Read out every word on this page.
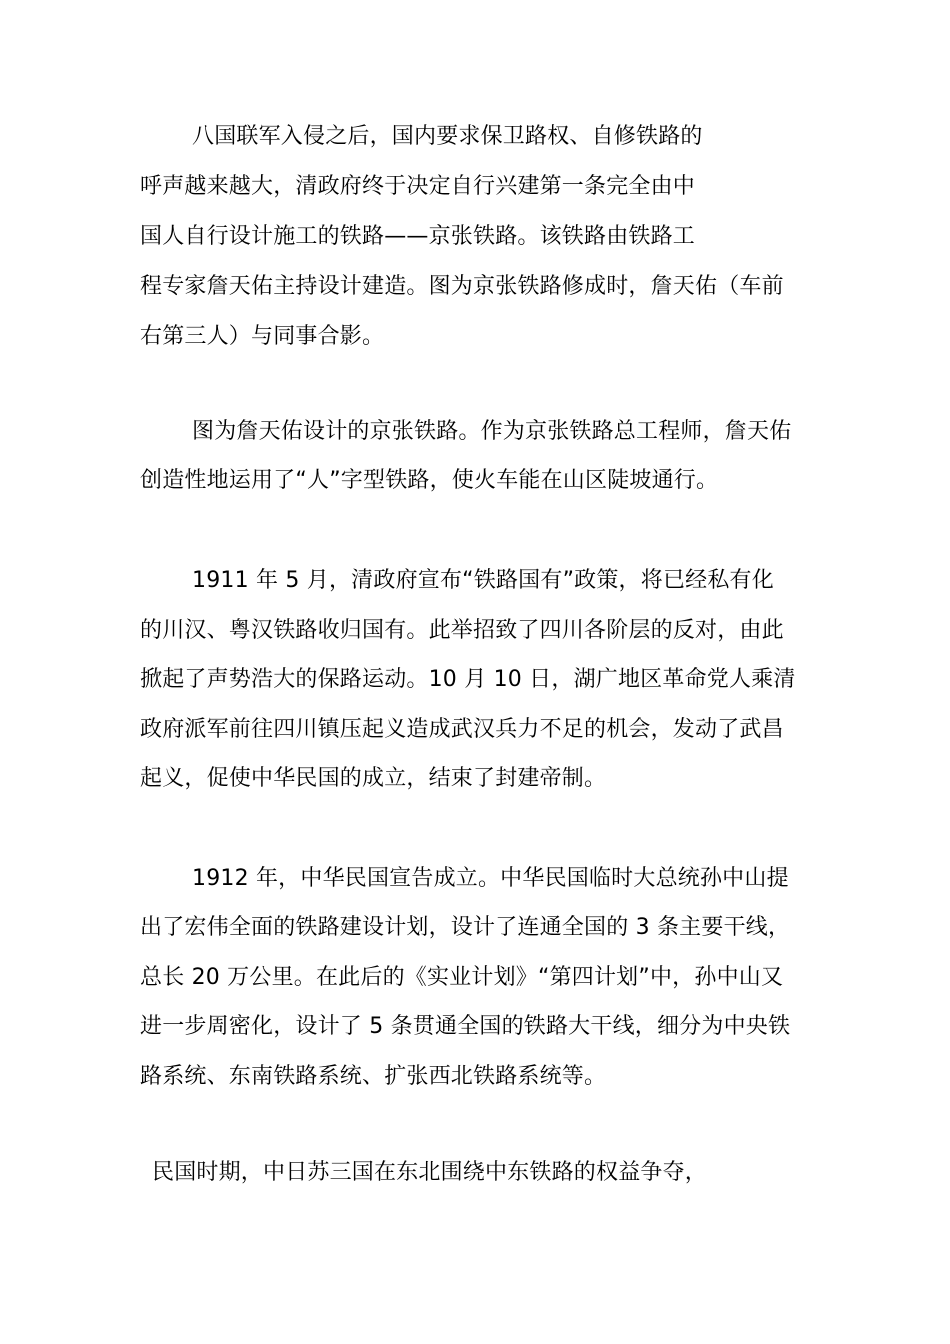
八国联军入侵之后，国内要求保卫路权、自修铁路的
呼声越来越大，清政府终于决定自行兴建第一条完全由中
国人自行设计施工的铁路——京张铁路。该铁路由铁路工
程专家詹天佑主持设计建造。图为京张铁路修成时，詹天佑（车前
右第三人）与同事合影。
图为詹天佑设计的京张铁路。作为京张铁路总工程师，詹天佑
创造性地运用了“人”字型铁路，使火车能在山区陡坡通行。
1911 年 5 月，清政府宣布“铁路国有”政策，将已经私有化
的川汉、粤汉铁路收归国有。此举招致了四川各阶层的反对，由此
掀起了声势浩大的保路运动。10 月 10 日，湖广地区革命党人乘清
政府派军前往四川镇压起义造成武汉兵力不足的机会，发动了武昌
起义，促使中华民国的成立，结束了封建帝制。
1912 年，中华民国宣告成立。中华民国临时大总统孙中山提
出了宏伟全面的铁路建设计划，设计了连通全国的 3 条主要干线，
总长 20 万公里。在此后的《实业计划》“第四计划”中，孙中山又
进一步周密化，设计了 5 条贯通全国的铁路大干线，细分为中央铁
路系统、东南铁路系统、扩张西北铁路系统等。
民国时期，中日苏三国在东北围绕中东铁路的权益争夺，
